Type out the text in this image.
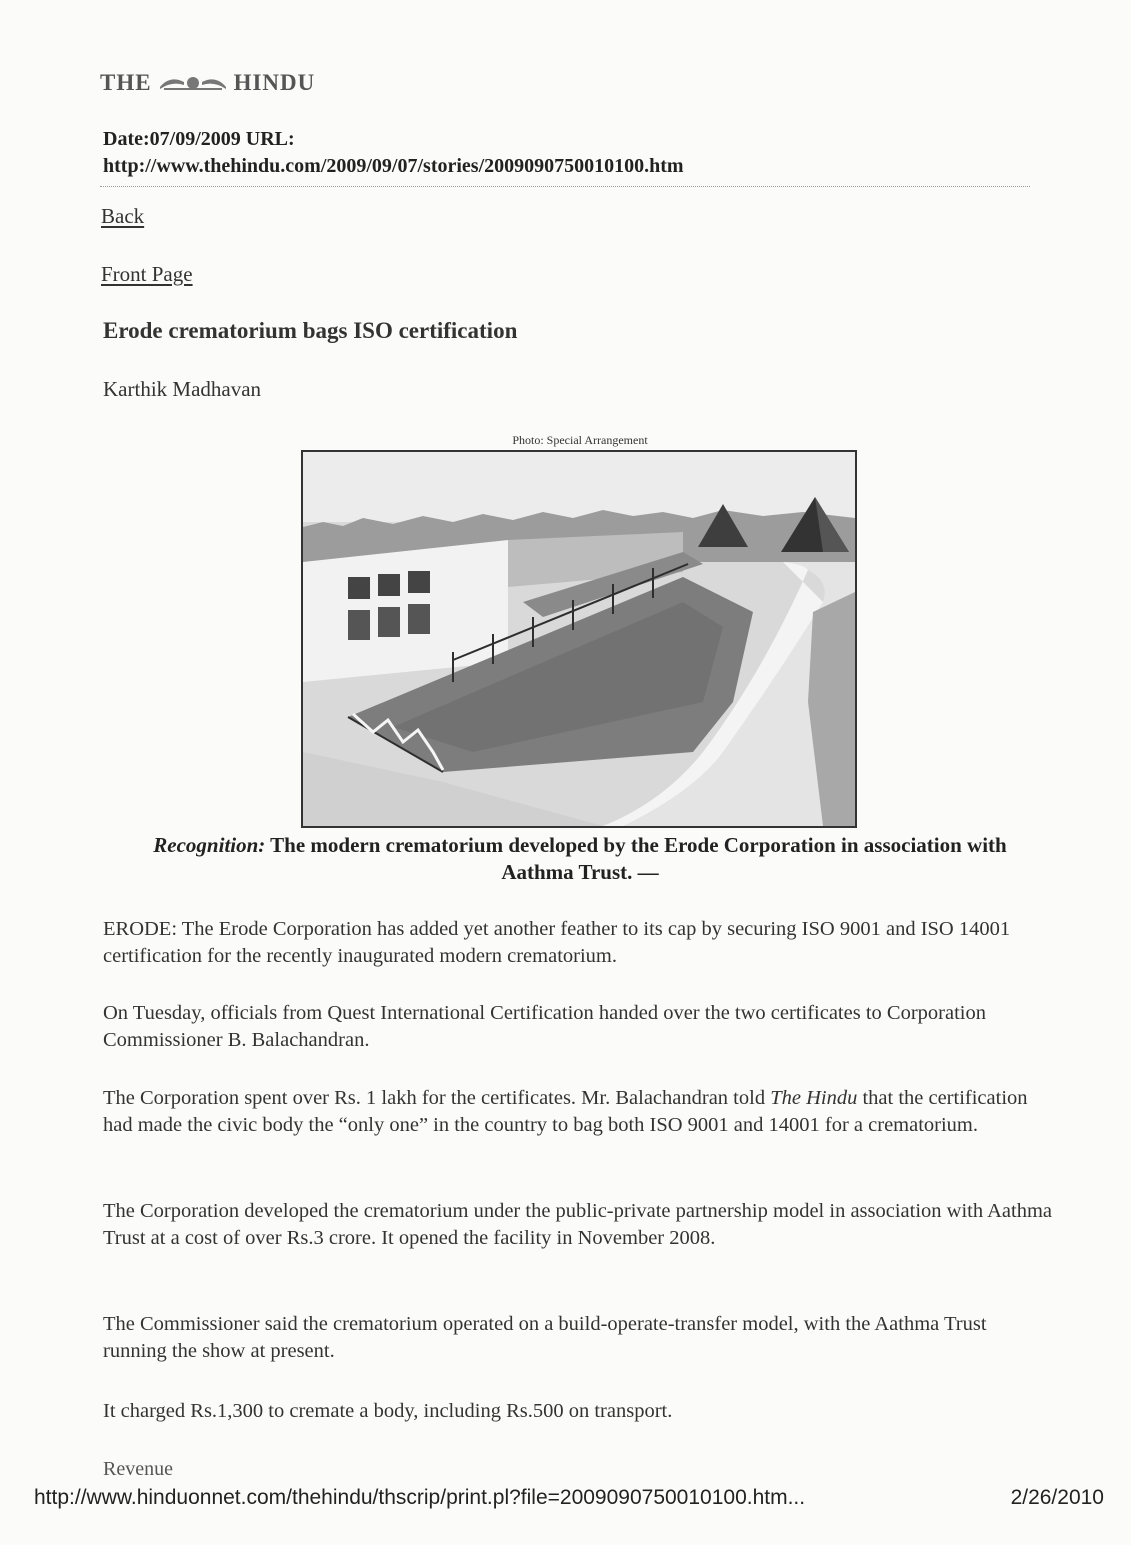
THE	HINDU
Date:07/09/2009 URL:
http://www.thehindu.com/2009/09/07/stories/2009090750010100.htm
Back
Front Page
Erode crematorium bags ISO certification
Karthik Madhavan
Photo: Special Arrangement
Recognition: The modern crematorium developed by the Erode Corporation in association with Aathma Trust. —
ERODE: The Erode Corporation has added yet another feather to its cap by securing ISO 9001 and ISO 14001 certification for the recently inaugurated modern crematorium.
On Tuesday, officials from Quest International Certification handed over the two certificates to Corporation Commissioner B. Balachandran.
The Corporation spent over Rs. 1 lakh for the certificates. Mr. Balachandran told The Hindu that the certification had made the civic body the “only one” in the country to bag both ISO 9001 and 14001 for a crematorium.
The Corporation developed the crematorium under the public-private partnership model in association with Aathma Trust at a cost of over Rs.3 crore. It opened the facility in November 2008.
The Commissioner said the crematorium operated on a build-operate-transfer model, with the Aathma Trust running the show at present.
It charged Rs.1,300 to cremate a body, including Rs.500 on transport.
Revenue
http://www.hinduonnet.com/thehindu/thscrip/print.pl?file=2009090750010100.htm...	2/26/2010
